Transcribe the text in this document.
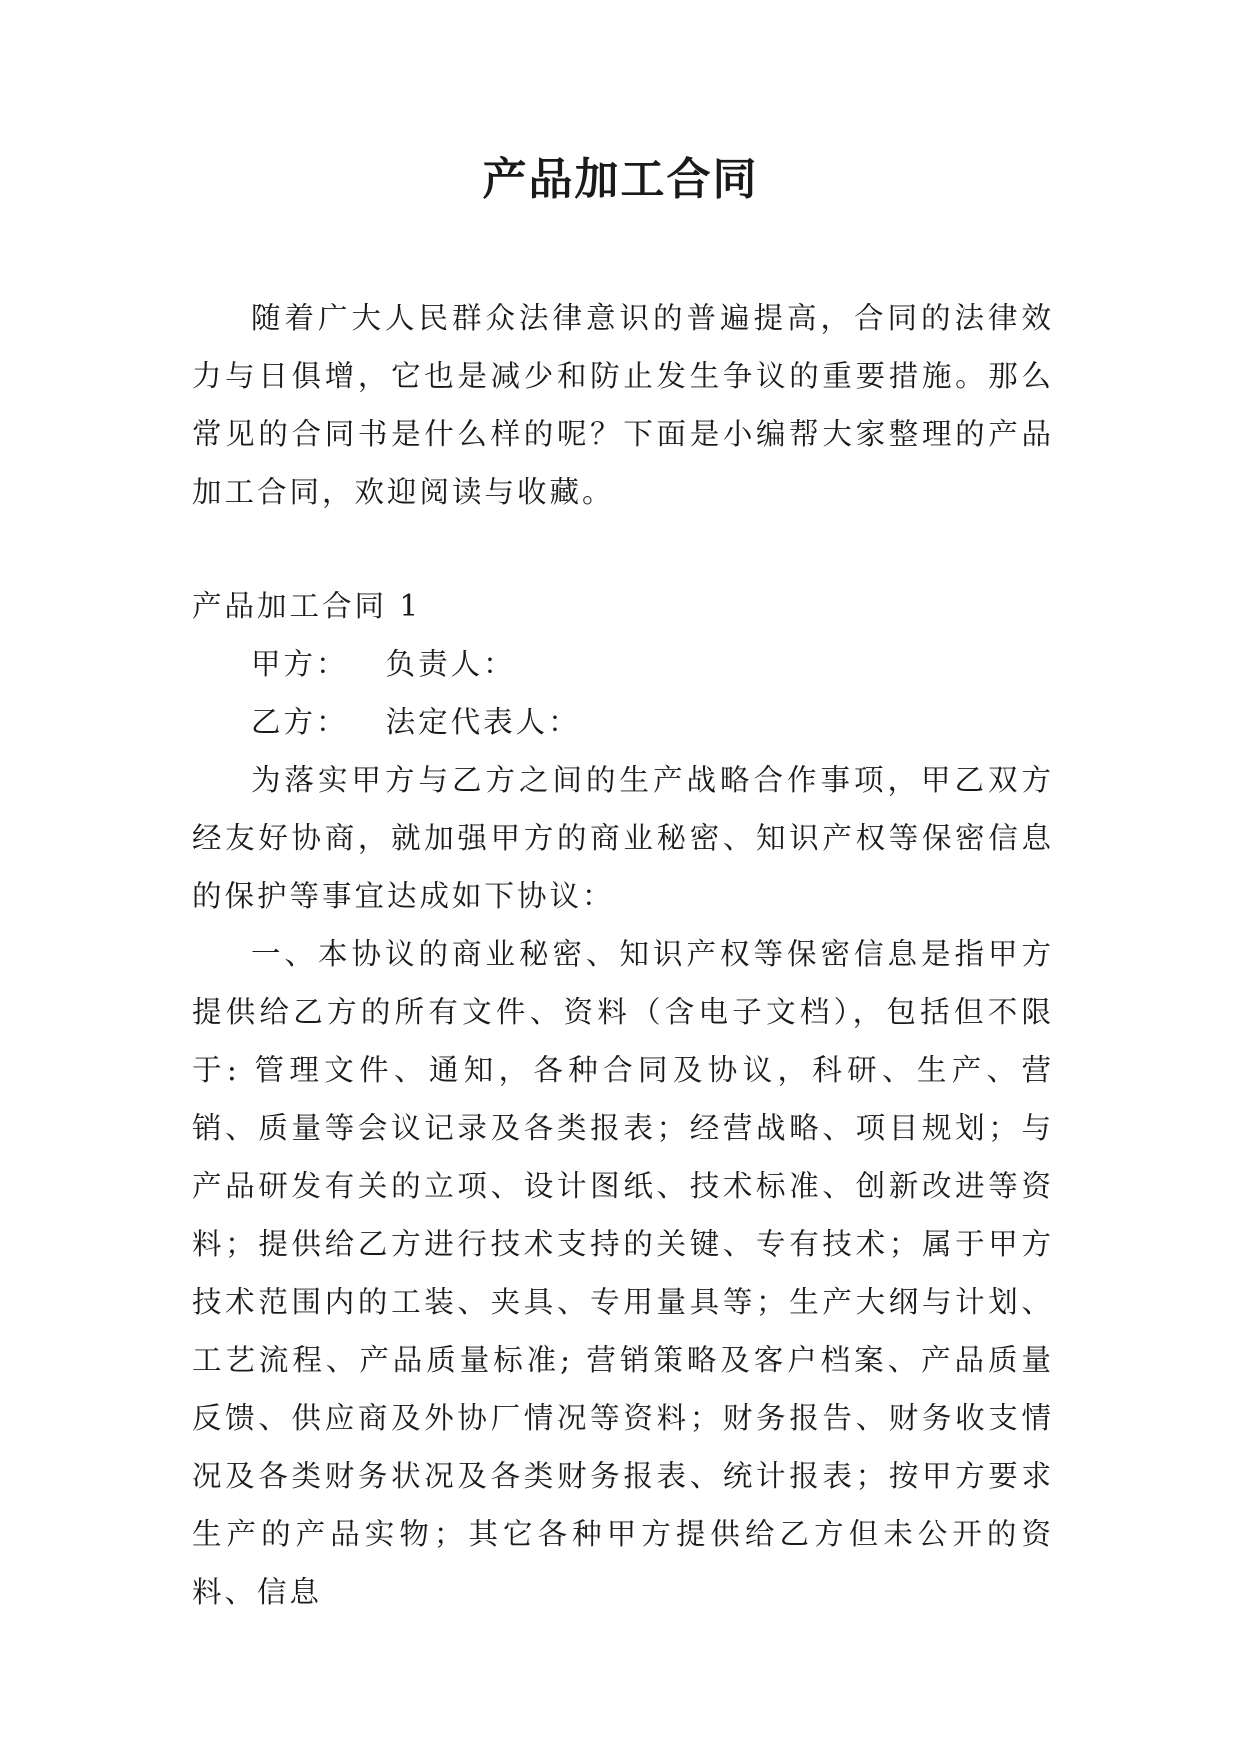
产品加工合同

随着广大人民群众法律意识的普遍提高，合同的法律效力与日俱增，它也是减少和防止发生争议的重要措施。那么常见的合同书是什么样的呢？下面是小编帮大家整理的产品加工合同，欢迎阅读与收藏。

产品加工合同 1

甲方：   负责人：

乙方：   法定代表人：

为落实甲方与乙方之间的生产战略合作事项，甲乙双方经友好协商，就加强甲方的商业秘密、知识产权等保密信息的保护等事宜达成如下协议：

一、本协议的商业秘密、知识产权等保密信息是指甲方提供给乙方的所有文件、资料（含电子文档），包括但不限于: 管理文件、通知，各种合同及协议，科研、生产、营销、质量等会议记录及各类报表；经营战略、项目规划；与产品研发有关的立项、设计图纸、技术标准、创新改进等资料；提供给乙方进行技术支持的关键、专有技术；属于甲方技术范围内的工装、夹具、专用量具等；生产大纲与计划、工艺流程、产品质量标准; 营销策略及客户档案、产品质量反馈、供应商及外协厂情况等资料；财务报告、财务收支情况及各类财务状况及各类财务报表、统计报表；按甲方要求生产的产品实物；其它各种甲方提供给乙方但未公开的资料、信息
